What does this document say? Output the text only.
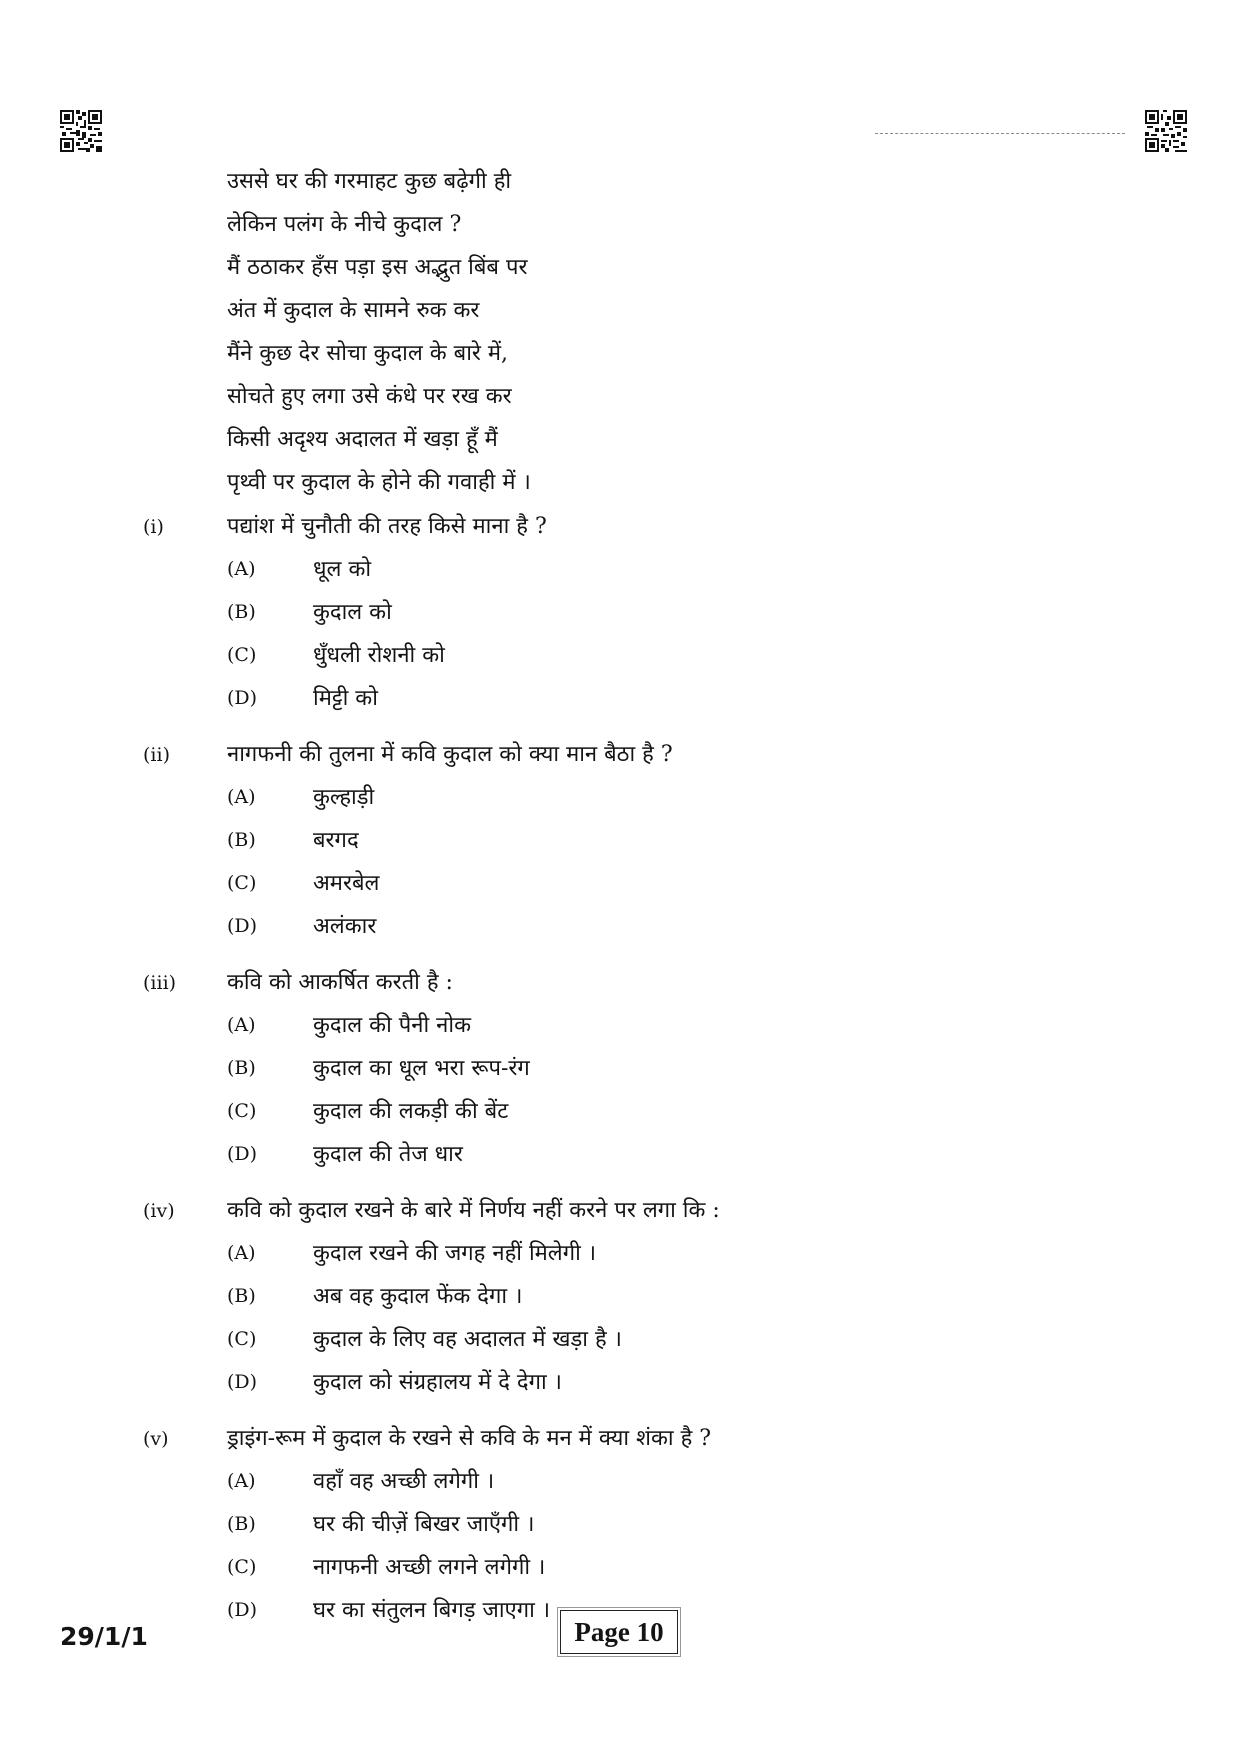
उससे घर की गरमाहट कुछ बढ़ेगी ही
लेकिन पलंग के नीचे कुदाल ?
मैं ठठाकर हँस पड़ा इस अद्भुत बिंब पर
अंत में कुदाल के सामने रुक कर
मैंने कुछ देर सोचा कुदाल के बारे में,
सोचते हुए लगा उसे कंधे पर रख कर
किसी अदृश्य अदालत में खड़ा हूँ मैं
पृथ्वी पर कुदाल के होने की गवाही में ।
(i)	पद्यांश में चुनौती की तरह किसे माना है ?
(A)	धूल को
(B)	कुदाल को
(C)	धुँधली रोशनी को
(D)	मिट्टी को
(ii)	नागफनी की तुलना में कवि कुदाल को क्या मान बैठा है ?
(A)	कुल्हाड़ी
(B)	बरगद
(C)	अमरबेल
(D)	अलंकार
(iii) कवि को आकर्षित करती है :
(A)	कुदाल की पैनी नोक
(B)	कुदाल का धूल भरा रूप-रंग
(C)	कुदाल की लकड़ी की बेंट
(D)	कुदाल की तेज धार
(iv) कवि को कुदाल रखने के बारे में निर्णय नहीं करने पर लगा कि :
(A)	कुदाल रखने की जगह नहीं मिलेगी ।
(B)	अब वह कुदाल फेंक देगा ।
(C)	कुदाल के लिए वह अदालत में खड़ा है ।
(D)	कुदाल को संग्रहालय में दे देगा ।
(v)	ड्राइंग-रूम में कुदाल के रखने से कवि के मन में क्या शंका है ?
(A)	वहाँ वह अच्छी लगेगी ।
(B)	घर की चीज़ें बिखर जाएँगी ।
(C)	नागफनी अच्छी लगने लगेगी ।
(D)	घर का संतुलन बिगड़ जाएगा ।
29/1/1	Page 10
